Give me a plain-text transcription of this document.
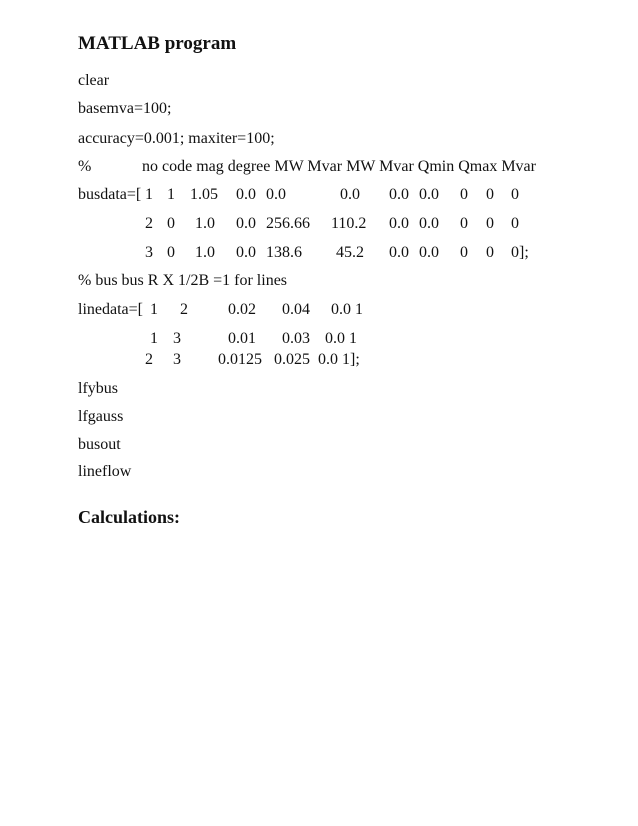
MATLAB program
clear
basemva=100;
accuracy=0.001; maxiter=100;
%	no code mag degree MW Mvar MW Mvar Qmin Qmax Mvar
busdata=[ 1 1 1.05 0.0 0.0	0.0 0.0 0.0 0 0 0
2 0 1.0 0.0 256.66 110.2 0.0 0.0 0 0 0
3 0 1.0 0.0 138.6 45.2 0.0 0.0 0 0 0];
% bus bus R X 1/2B =1 for lines
linedata=[ 1 2	0.02 0.04 0.0 1
1 3	0.01 0.03 0.0 1
2 3 0.0125 0.025 0.0 1];
lfybus
lfgauss
busout
lineflow
Calculations:
